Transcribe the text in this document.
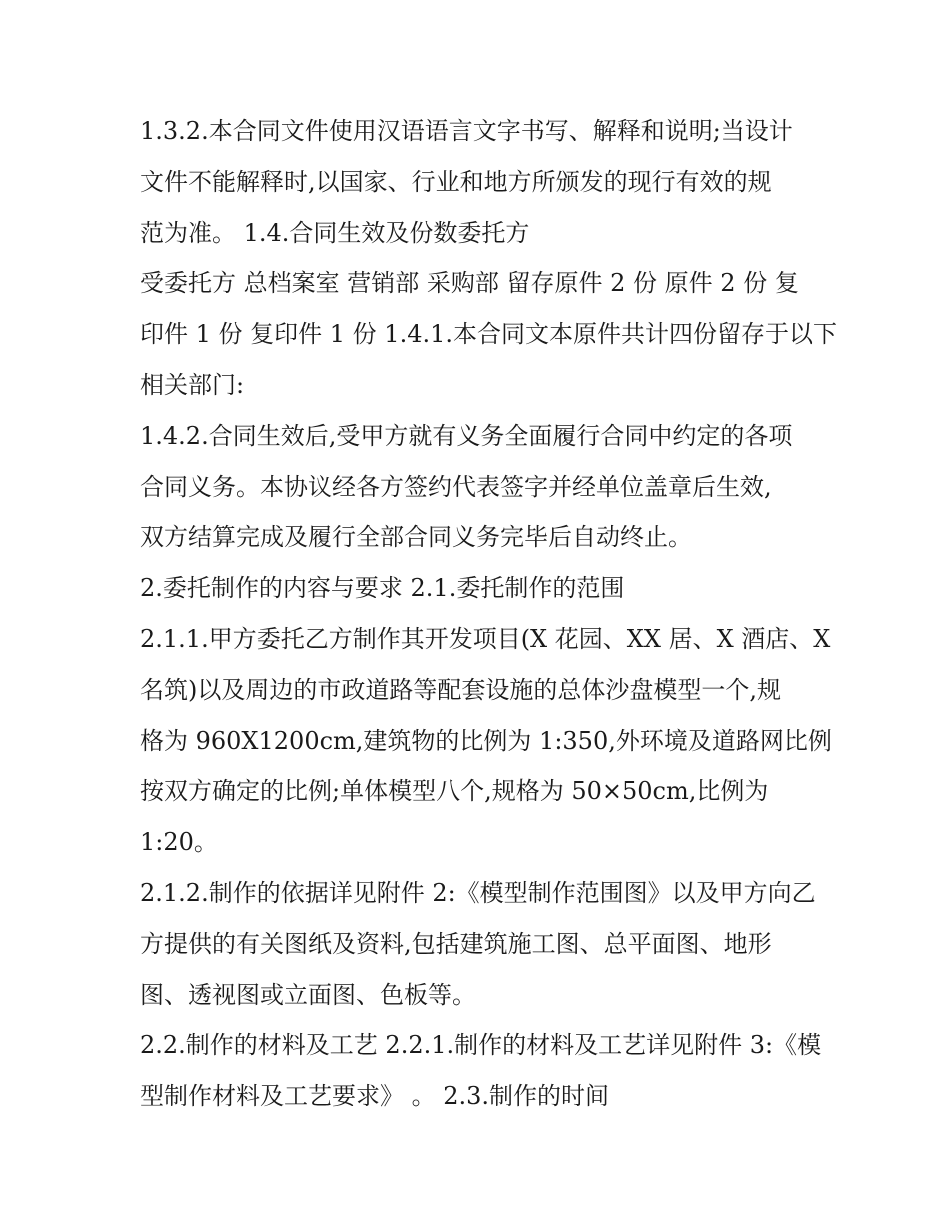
1.3.2.本合同文件使用汉语语言文字书写、解释和说明;当设计
文件不能解释时,以国家、行业和地方所颁发的现行有效的规
范为准。 1.4.合同生效及份数委托方
受委托方 总档案室 营销部 采购部 留存原件 2 份 原件 2 份 复
印件 1 份 复印件 1 份 1.4.1.本合同文本原件共计四份留存于以下
相关部门:
1.4.2.合同生效后,受甲方就有义务全面履行合同中约定的各项
合同义务。本协议经各方签约代表签字并经单位盖章后生效,
双方结算完成及履行全部合同义务完毕后自动终止。
2.委托制作的内容与要求 2.1.委托制作的范围
2.1.1.甲方委托乙方制作其开发项目(X 花园、XX 居、X 酒店、X
名筑)以及周边的市政道路等配套设施的总体沙盘模型一个,规
格为 960X1200cm,建筑物的比例为 1:350,外环境及道路网比例
按双方确定的比例;单体模型八个,规格为 50×50cm,比例为
1:20。
2.1.2.制作的依据详见附件 2:《模型制作范围图》以及甲方向乙
方提供的有关图纸及资料,包括建筑施工图、总平面图、地形
图、透视图或立面图、色板等。
2.2.制作的材料及工艺 2.2.1.制作的材料及工艺详见附件 3:《模
型制作材料及工艺要求》 。 2.3.制作的时间
